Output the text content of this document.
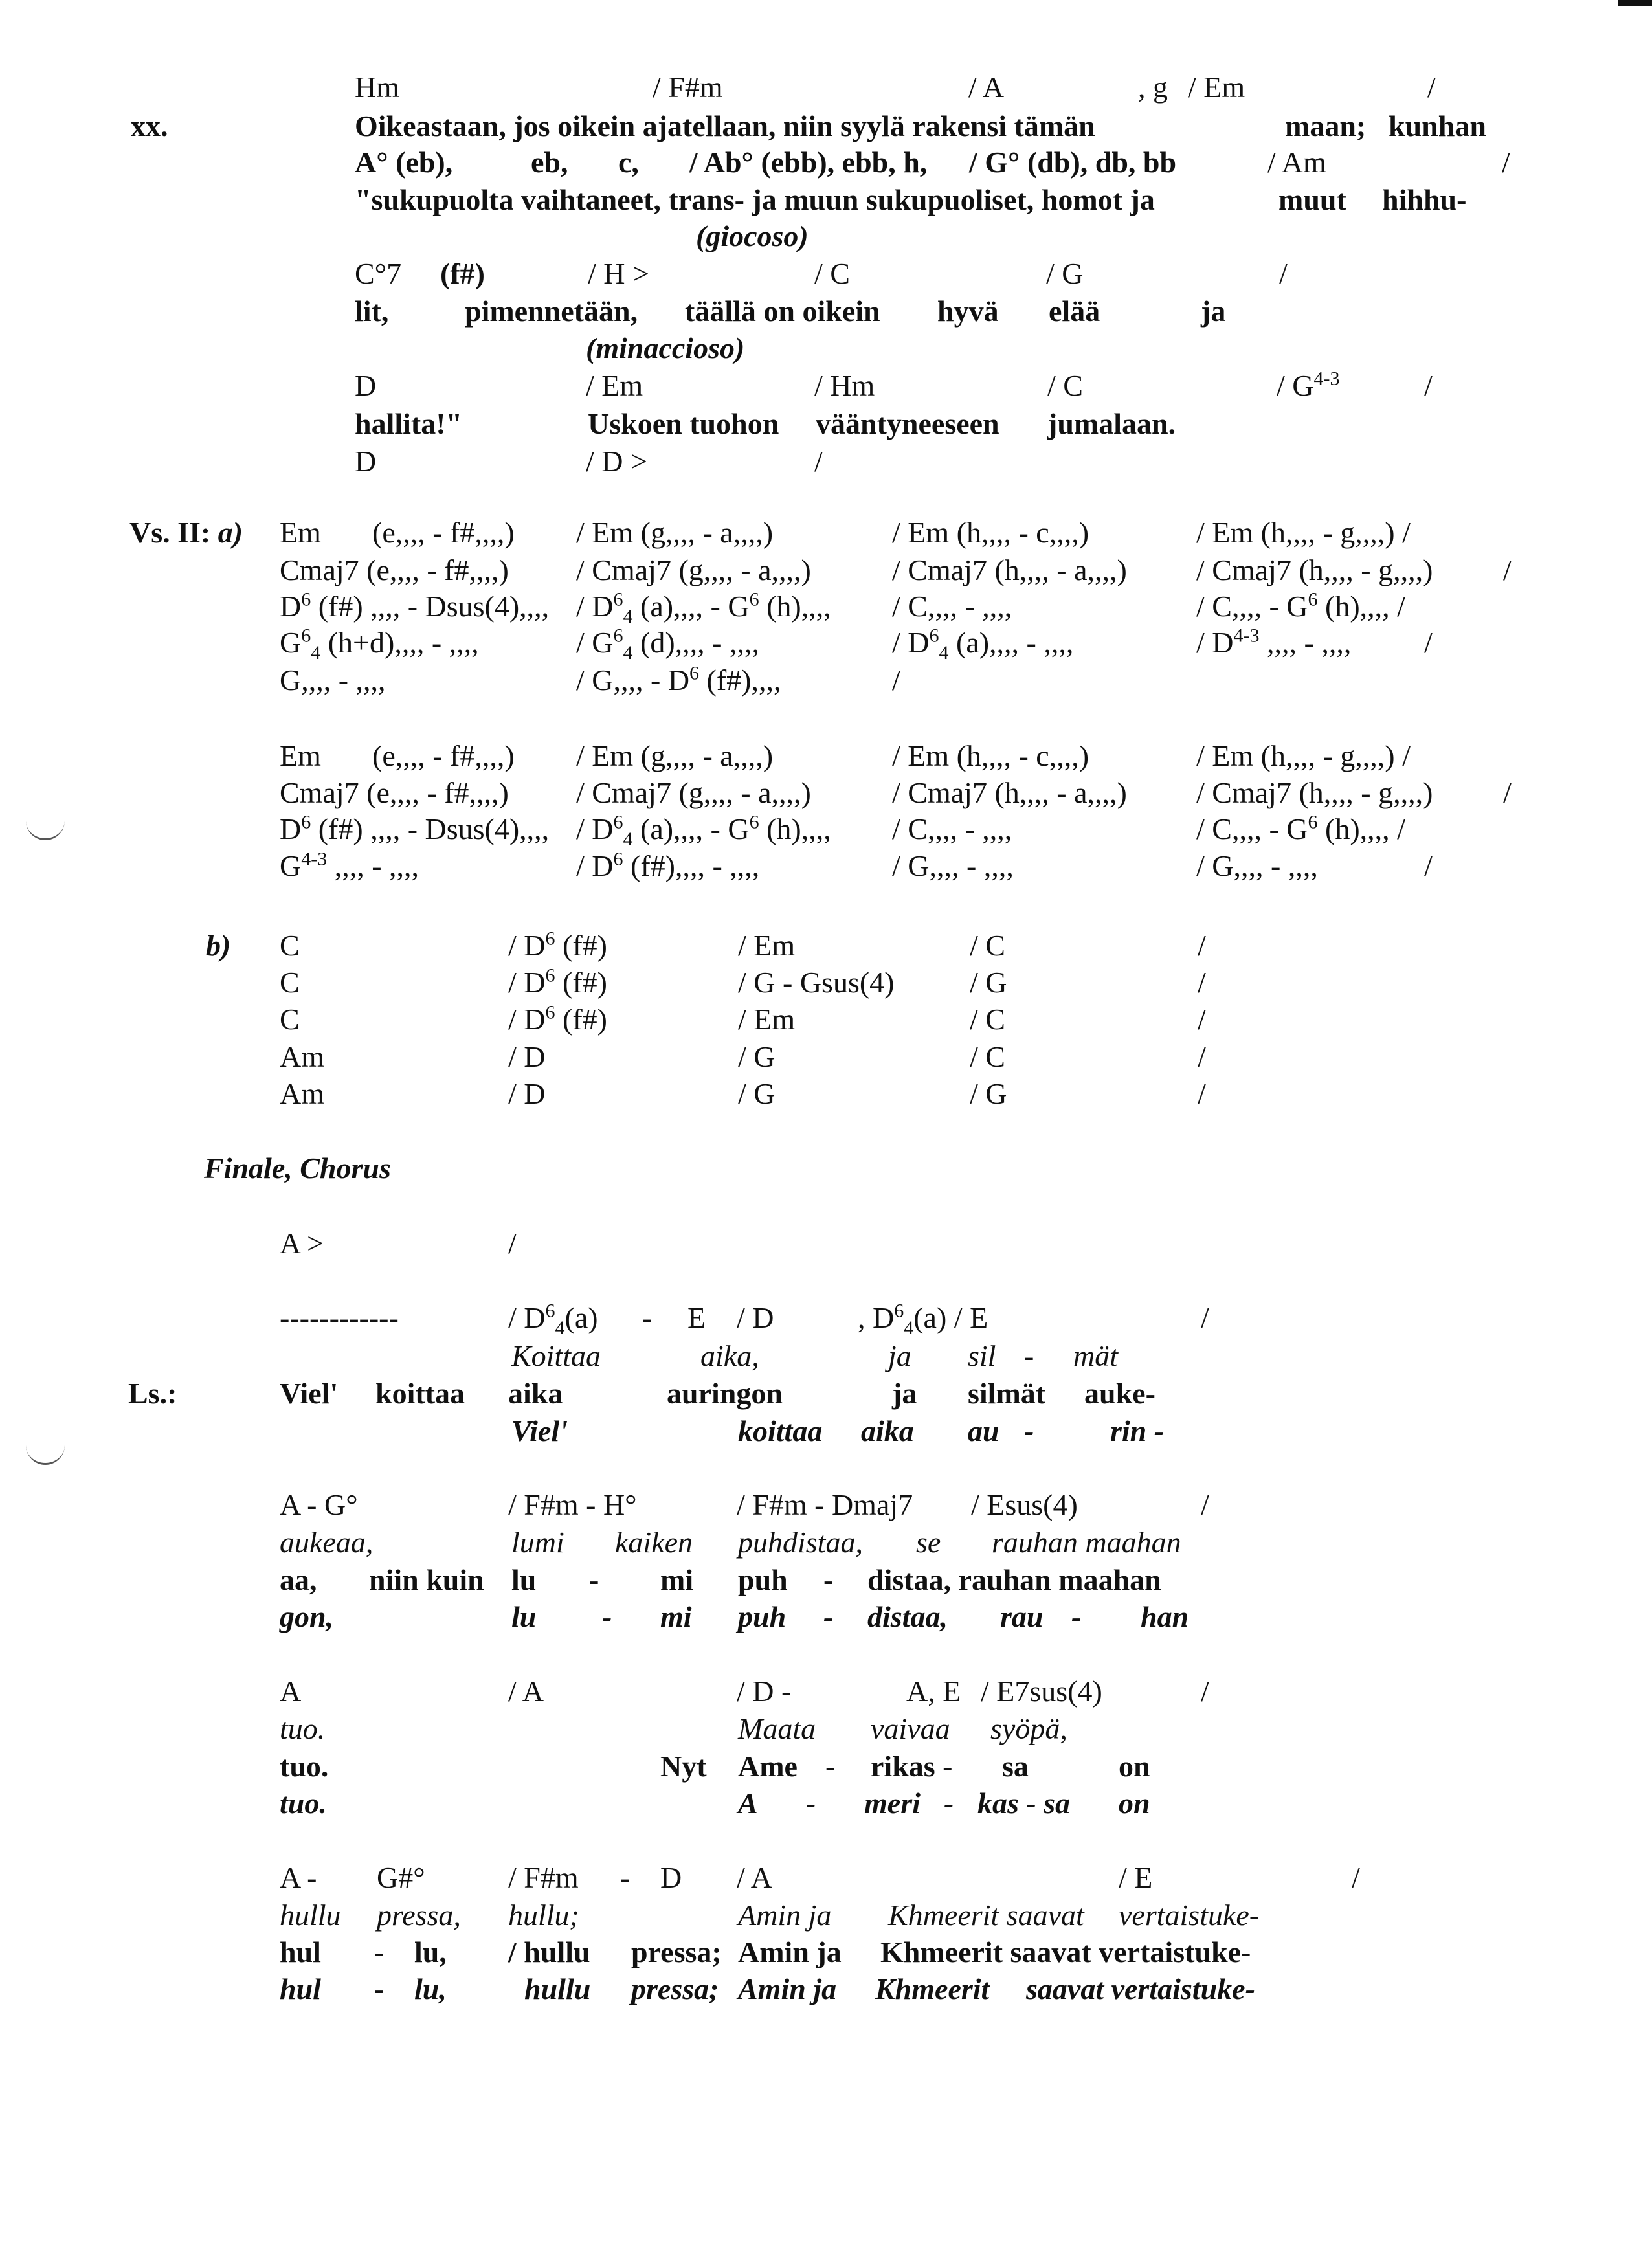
Hm	/ F#m	/ A	, g / Em	/
xx.	Oikeastaan, jos oikein ajatellaan, niin syylä rakensi tämän	maan; kunhan
A° (eb),	eb, c, / Ab° (ebb), ebb, h, / G° (db), db, bb	/ Am	/
"sukupuolta vaihtaneet, trans- ja muun sukupuoliset, homot ja	muut hihhu-
(giocoso)
C°7 (f#)	/ H >	/ C	/ G	/
lit,	pimennetään, täällä on oikein hyvä elää	ja
(minaccioso)
D	/ Em	/ Hm	/ C	/ $G^{4-3}$	/
hallita!"	Uskoen tuohon vääntyneeseen jumalaan.
D	/ D >	/
Vs. II: a) Em (e,,,, - f#,,,,) / Em (g,,,, - a,,,,)	/ Em (h,,,, - c,,,,)	/ Em (h,,,, - g,,,,) /
Cmaj7 (e,,,, - f#,,,,) / Cmaj7 (g,,,, - a,,,,)	/ Cmaj7 (h,,,, - a,,,,) / Cmaj7 (h,,,, - g,,,,) /
$D^6$ (f#) ,,,, - Dsus(4),,,, / $D^6_4$ (a),,,, - $G^6$ (h),,,, / C,,,, - ,,,,	/ C,,,, - $G^6$ (h),,,, /
$G^6_4$ (h+d),,,, - ,,,,	/ $G^6_4$ (d),,,, - ,,,,	/ $D^6_4$ (a),,,, - ,,,,	/ $D^{4-3}$ ,,,, - ,,,, /
G,,,, - ,,,,	/ G,,,, - $D^6$ (f#),,,,	/
Em (e,,,, - f#,,,,) / Em (g,,,, - a,,,,)	/ Em (h,,,, - c,,,,)	/ Em (h,,,, - g,,,,) /
Cmaj7 (e,,,, - f#,,,,) / Cmaj7 (g,,,, - a,,,,)	/ Cmaj7 (h,,,, - a,,,,) / Cmaj7 (h,,,, - g,,,,) /
$D^6$ (f#) ,,,, - Dsus(4),,,, / $D^6_4$ (a),,,, - $G^6$ (h),,,, / C,,,, - ,,,,	/ C,,,, - $G^6$ (h),,,, /
$G^{4-3}$ ,,,, - ,,,,	/ $D^6$ (f#),,,, - ,,,,	/ G,,,, - ,,,,	/ G,,,, - ,,,,	/
b) C	/ $D^6$ (f#)	/ Em	/ C	/
C	/ $D^6$ (f#)	/ G - Gsus(4)	/ G	/
C	/ $D^6$ (f#)	/ Em	/ C	/
Am	/ D	/ G	/ C	/
Am	/ D	/ G	/ G	/
Finale, Chorus
A >	/
------------	/ $D^6_4(a)$ - E / D	, $D^6_4(a)$ / E	/
Koittaa	aika,	ja sil - mät
Ls.:	Viel' koittaa aika	auringon	ja silmät auke-
Viel'	koittaa aika au -	rin -
A - G°	/ F#m - H°	/ F#m - Dmaj7 / Esus(4)	/
aukeaa,	lumi kaiken puhdistaa, se rauhan maahan
aa, niin kuin lu - mi puh - distaa, rauhan maahan
gon,	lu - mi puh - distaa, rau - han
A	/ A	/ D -	A, E / E7sus(4)	/
tuo.	Maata vaivaa syöpä,
tuo.	Nyt Ame - rikas - sa	on
tuo.	A - meri - kas - sa on
A - G#°	/ F#m - D / A	/ E	/
hullu pressa, hullu;	Amin ja Khmeerit saavat vertaistuke-
hul - lu, / hullu pressa; Amin ja Khmeerit saavat vertaistuke-
hul - lu,	hullu pressa; Amin ja Khmeerit saavat vertaistuke-
